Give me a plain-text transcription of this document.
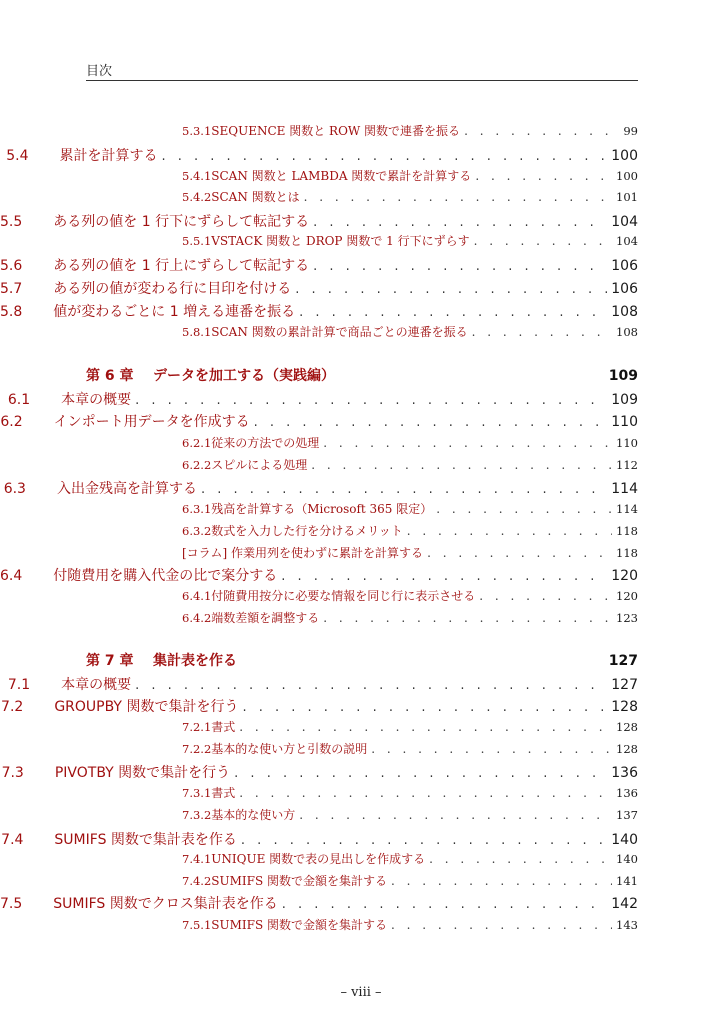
目次
5.3.1 SEQUENCE 関数と ROW 関数で連番を振る . . .	99
5.4	累計を計算する . . .	100
5.4.1 SCAN 関数と LAMBDA 関数で累計を計算する . . .	100
5.4.2 SCAN 関数とは . . .	101
5.5	ある列の値を 1 行下にずらして転記する . . .	104
5.5.1 VSTACK 関数と DROP 関数で 1 行下にずらす . . .	104
5.6	ある列の値を 1 行上にずらして転記する . . .	106
5.7	ある列の値が変わる行に目印を付ける . . .	106
5.8	値が変わるごとに 1 増える連番を振る . . .	108
5.8.1 SCAN 関数の累計計算で商品ごとの連番を振る . . .	108
第 6 章	データを加工する（実践編）	109
6.1	本章の概要 . . .	109
6.2	インポート用データを作成する . . .	110
6.2.1 従来の方法での処理 . . .	110
6.2.2 スピルによる処理 . . .	112
6.3	入出金残高を計算する . . .	114
6.3.1 残高を計算する（Microsoft 365 限定） . . .	114
6.3.2 数式を入力した行を分けるメリット . . .	118
[コラム] 作業用列を使わずに累計を計算する . . .	118
6.4	付随費用を購入代金の比で案分する . . .	120
6.4.1 付随費用按分に必要な情報を同じ行に表示させる . . .	120
6.4.2 端数差額を調整する . . .	123
第 7 章	集計表を作る	127
7.1	本章の概要 . . .	127
7.2	GROUPBY 関数で集計を行う . . .	128
7.2.1 書式 . . .	128
7.2.2 基本的な使い方と引数の説明 . . .	128
7.3	PIVOTBY 関数で集計を行う . . .	136
7.3.1 書式 . . .	136
7.3.2 基本的な使い方 . . .	137
7.4	SUMIFS 関数で集計表を作る . . .	140
7.4.1 UNIQUE 関数で表の見出しを作成する . . .	140
7.4.2 SUMIFS 関数で金額を集計する . . .	141
7.5	SUMIFS 関数でクロス集計表を作る . . .	142
7.5.1 SUMIFS 関数で金額を集計する . . .	143
– viii –
